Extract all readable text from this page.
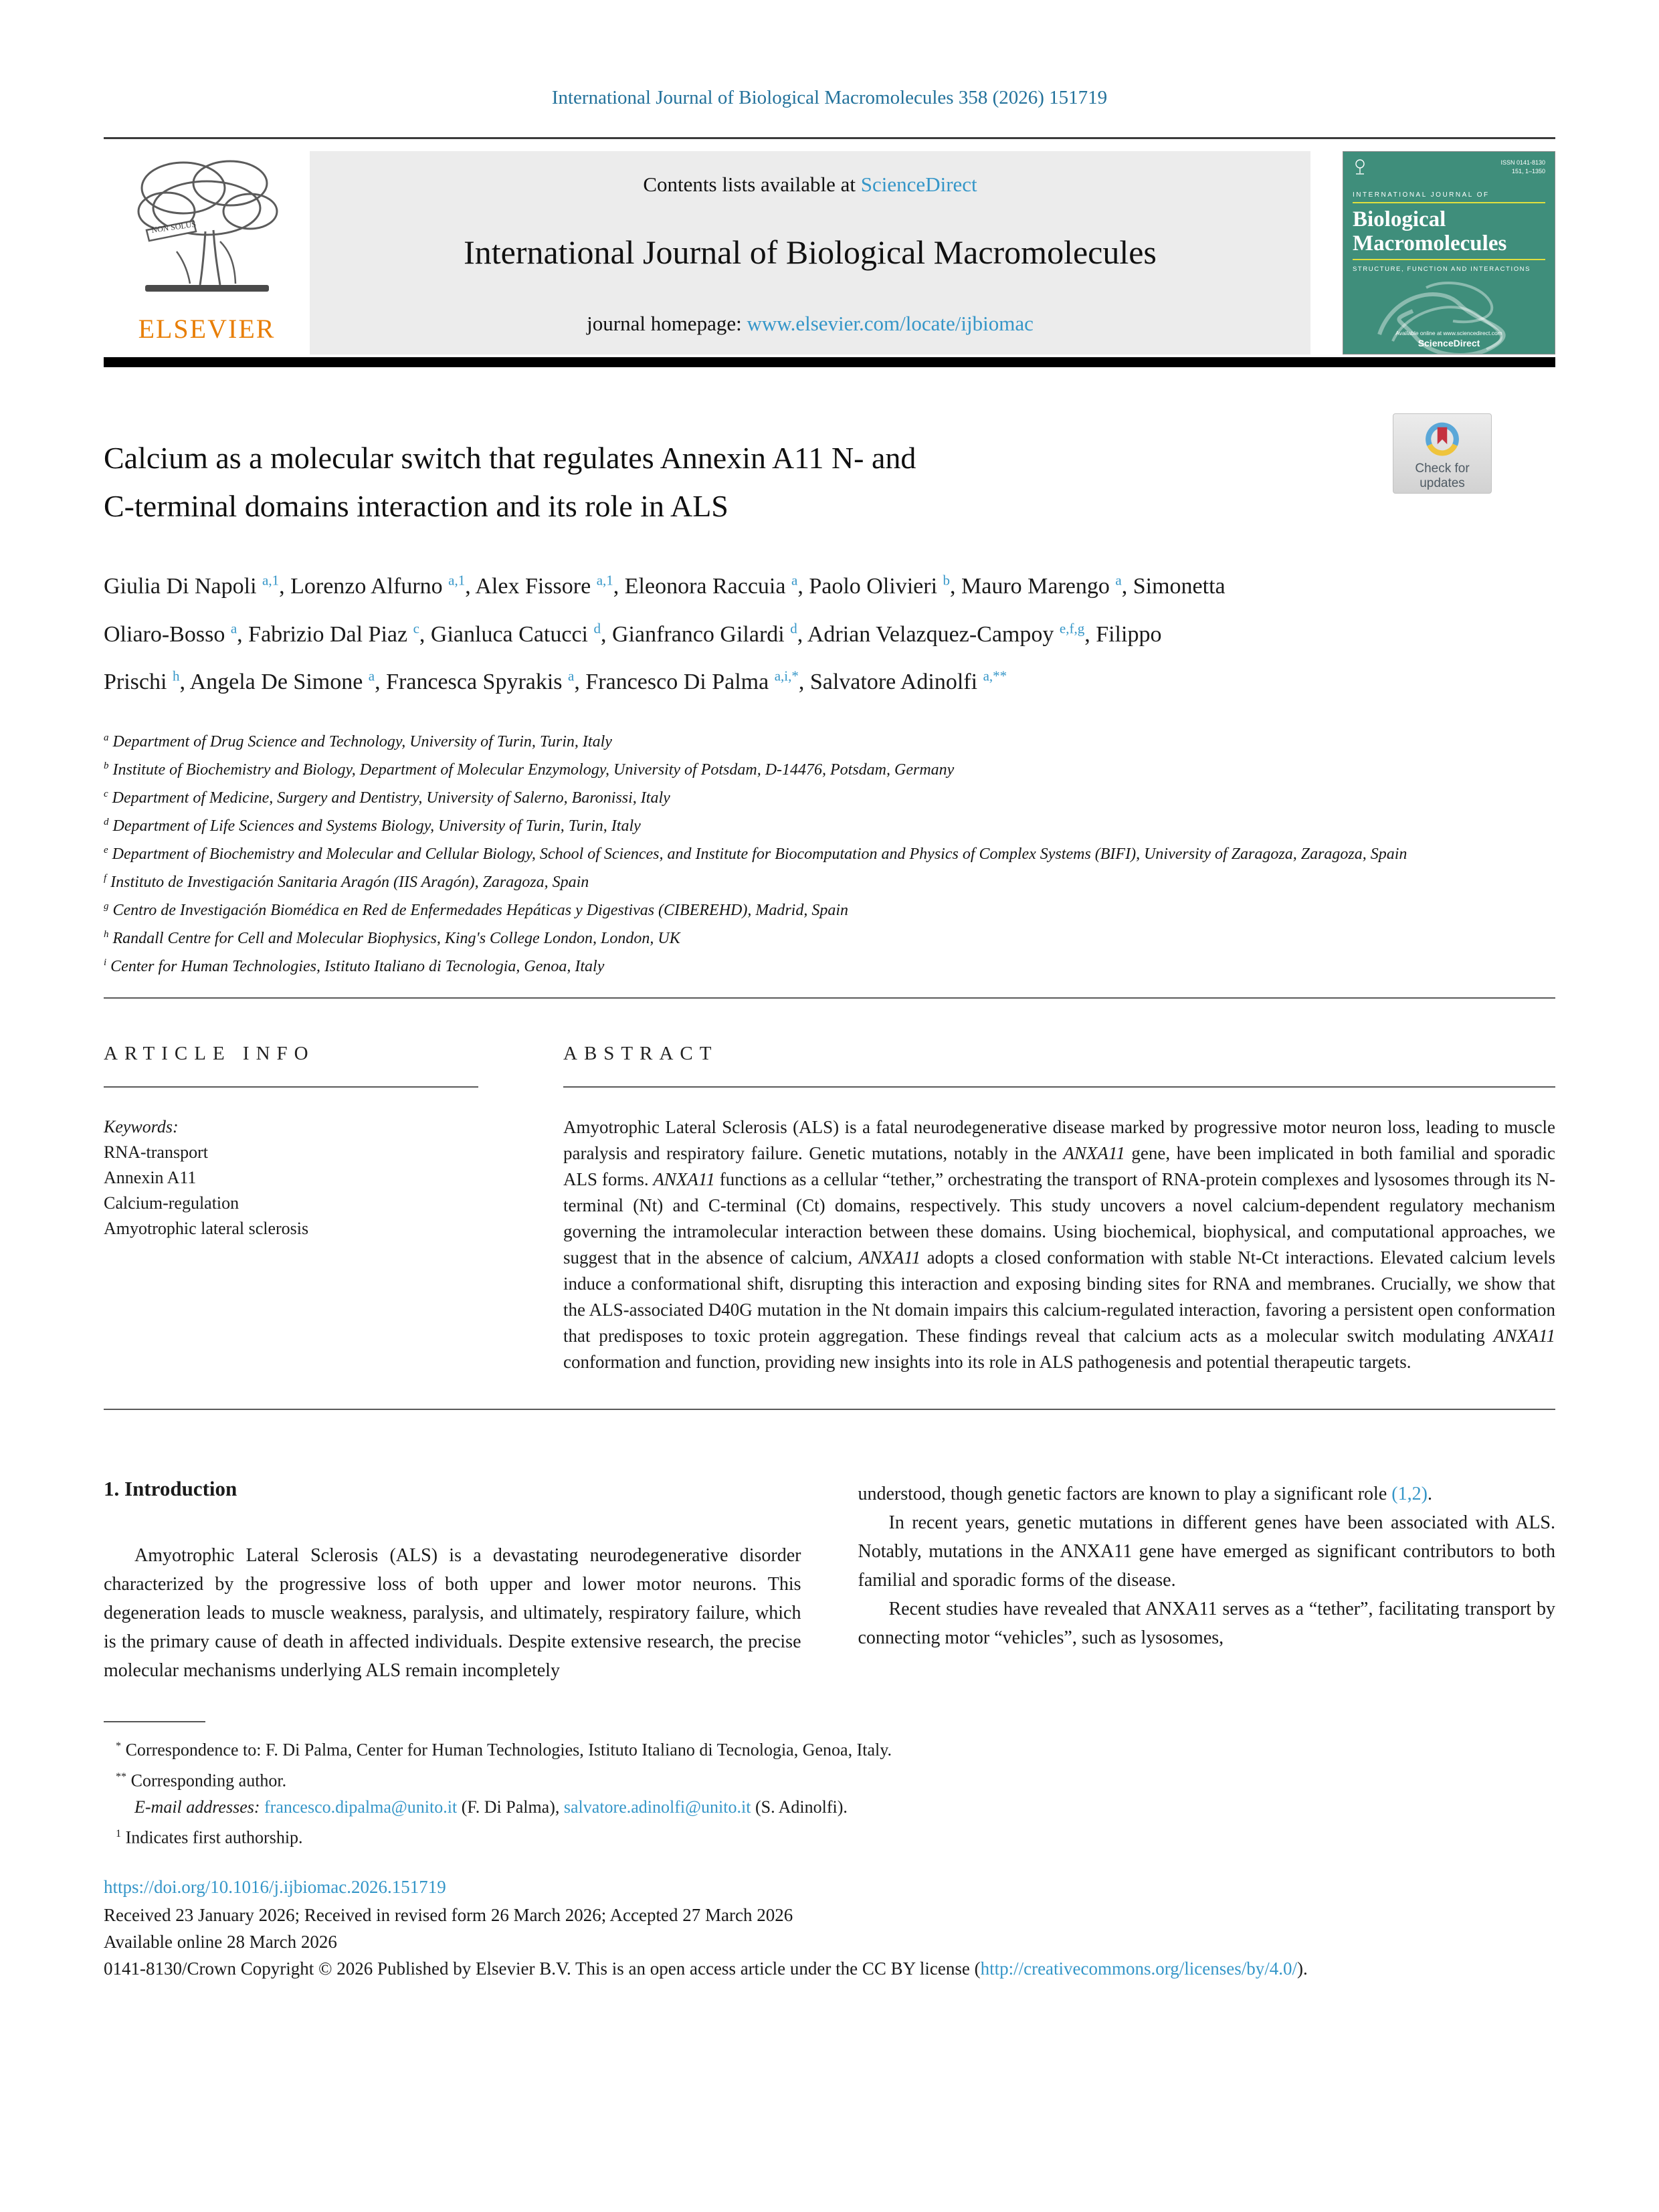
International Journal of Biological Macromolecules 358 (2026) 151719
NON SOLUS
ELSEVIER
Contents lists available at ScienceDirect
International Journal of Biological Macromolecules
journal homepage: www.elsevier.com/locate/ijbiomac
ISSN 0141-8130
151, 1–1350
INTERNATIONAL JOURNAL OF
Biological
Macromolecules
STRUCTURE, FUNCTION AND INTERACTIONS
Available online at www.sciencedirect.com
ScienceDirect
Check for
updates
Calcium as a molecular switch that regulates Annexin A11 N- and
C-terminal domains interaction and its role in ALS
Giulia Di Napoli $^{a,1}$, Lorenzo Alfurno $^{a,1}$, Alex Fissore $^{a,1}$, Eleonora Raccuia $^a$, Paolo Olivieri $^b$, Mauro Marengo $^a$, Simonetta Oliaro-Bosso $^a$, Fabrizio Dal Piaz $^c$, Gianluca Catucci $^d$, Gianfranco Gilardi $^d$, Adrian Velazquez-Campoy $^{e,f,g}$, Filippo Prischi $^h$, Angela De Simone $^a$, Francesca Spyrakis $^a$, Francesco Di Palma $^{a,i,*}$, Salvatore Adinolfi $^{a,**}$
$^a$ Department of Drug Science and Technology, University of Turin, Turin, Italy
$^b$ Institute of Biochemistry and Biology, Department of Molecular Enzymology, University of Potsdam, D-14476, Potsdam, Germany
$^c$ Department of Medicine, Surgery and Dentistry, University of Salerno, Baronissi, Italy
$^d$ Department of Life Sciences and Systems Biology, University of Turin, Turin, Italy
$^e$ Department of Biochemistry and Molecular and Cellular Biology, School of Sciences, and Institute for Biocomputation and Physics of Complex Systems (BIFI), University of Zaragoza, Zaragoza, Spain
$^f$ Instituto de Investigación Sanitaria Aragón (IIS Aragón), Zaragoza, Spain
$^g$ Centro de Investigación Biomédica en Red de Enfermedades Hepáticas y Digestivas (CIBEREHD), Madrid, Spain
$^h$ Randall Centre for Cell and Molecular Biophysics, King's College London, London, UK
$^i$ Center for Human Technologies, Istituto Italiano di Tecnologia, Genoa, Italy
ARTICLE INFO
Keywords:
RNA-transport
Annexin A11
Calcium-regulation
Amyotrophic lateral sclerosis
ABSTRACT
Amyotrophic Lateral Sclerosis (ALS) is a fatal neurodegenerative disease marked by progressive motor neuron loss, leading to muscle paralysis and respiratory failure. Genetic mutations, notably in the ANXA11 gene, have been implicated in both familial and sporadic ALS forms. ANXA11 functions as a cellular “tether,” orchestrating the transport of RNA-protein complexes and lysosomes through its N-terminal (Nt) and C-terminal (Ct) domains, respectively. This study uncovers a novel calcium-dependent regulatory mechanism governing the intramolecular interaction between these domains. Using biochemical, biophysical, and computational approaches, we suggest that in the absence of calcium, ANXA11 adopts a closed conformation with stable Nt-Ct interactions. Elevated calcium levels induce a conformational shift, disrupting this interaction and exposing binding sites for RNA and membranes. Crucially, we show that the ALS-associated D40G mutation in the Nt domain impairs this calcium-regulated interaction, favoring a persistent open conformation that predisposes to toxic protein aggregation. These findings reveal that calcium acts as a molecular switch modulating ANXA11 conformation and function, providing new insights into its role in ALS pathogenesis and potential therapeutic targets.
1. Introduction

Amyotrophic Lateral Sclerosis (ALS) is a devastating neurodegenerative disorder characterized by the progressive loss of both upper and lower motor neurons. This degeneration leads to muscle weakness, paralysis, and ultimately, respiratory failure, which is the primary cause of death in affected individuals. Despite extensive research, the precise molecular mechanisms underlying ALS remain incompletely

understood, though genetic factors are known to play a significant role (1,2).

In recent years, genetic mutations in different genes have been associated with ALS. Notably, mutations in the ANXA11 gene have emerged as significant contributors to both familial and sporadic forms of the disease.

Recent studies have revealed that ANXA11 serves as a “tether”, facilitating transport by connecting motor “vehicles”, such as lysosomes,

* Correspondence to: F. Di Palma, Center for Human Technologies, Istituto Italiano di Tecnologia, Genoa, Italy.
** Corresponding author.
E-mail addresses: francesco.dipalma@unito.it (F. Di Palma), salvatore.adinolfi@unito.it (S. Adinolfi).
$^1$ Indicates first authorship.
https://doi.org/10.1016/j.ijbiomac.2026.151719
Received 23 January 2026; Received in revised form 26 March 2026; Accepted 27 March 2026
Available online 28 March 2026
0141-8130/Crown Copyright © 2026 Published by Elsevier B.V. This is an open access article under the CC BY license (http://creativecommons.org/licenses/by/4.0/).
